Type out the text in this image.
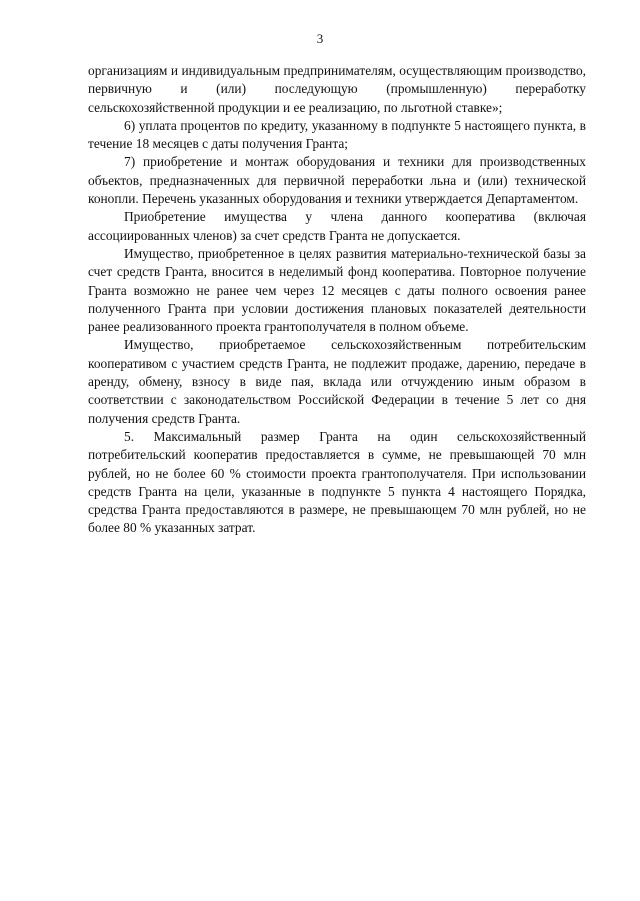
3

организациям и индивидуальным предпринимателям, осуществляющим производство, первичную и (или) последующую (промышленную) переработку сельскохозяйственной продукции и ее реализацию, по льготной ставке»;

6) уплата процентов по кредиту, указанному в подпункте 5 настоящего пункта, в течение 18 месяцев с даты получения Гранта;

7) приобретение и монтаж оборудования и техники для производственных объектов, предназначенных для первичной переработки льна и (или) технической конопли. Перечень указанных оборудования и техники утверждается Департаментом.

Приобретение имущества у члена данного кооператива (включая ассоциированных членов) за счет средств Гранта не допускается.

Имущество, приобретенное в целях развития материально-технической базы за счет средств Гранта, вносится в неделимый фонд кооператива. Повторное получение Гранта возможно не ранее чем через 12 месяцев с даты полного освоения ранее полученного Гранта при условии достижения плановых показателей деятельности ранее реализованного проекта грантополучателя в полном объеме.

Имущество, приобретаемое сельскохозяйственным потребительским кооперативом с участием средств Гранта, не подлежит продаже, дарению, передаче в аренду, обмену, взносу в виде пая, вклада или отчуждению иным образом в соответствии с законодательством Российской Федерации в течение 5 лет со дня получения средств Гранта.

5. Максимальный размер Гранта на один сельскохозяйственный потребительский кооператив предоставляется в сумме, не превышающей 70 млн рублей, но не более 60 % стоимости проекта грантополучателя. При использовании средств Гранта на цели, указанные в подпункте 5 пункта 4 настоящего Порядка, средства Гранта предоставляются в размере, не превышающем 70 млн рублей, но не более 80 % указанных затрат.
